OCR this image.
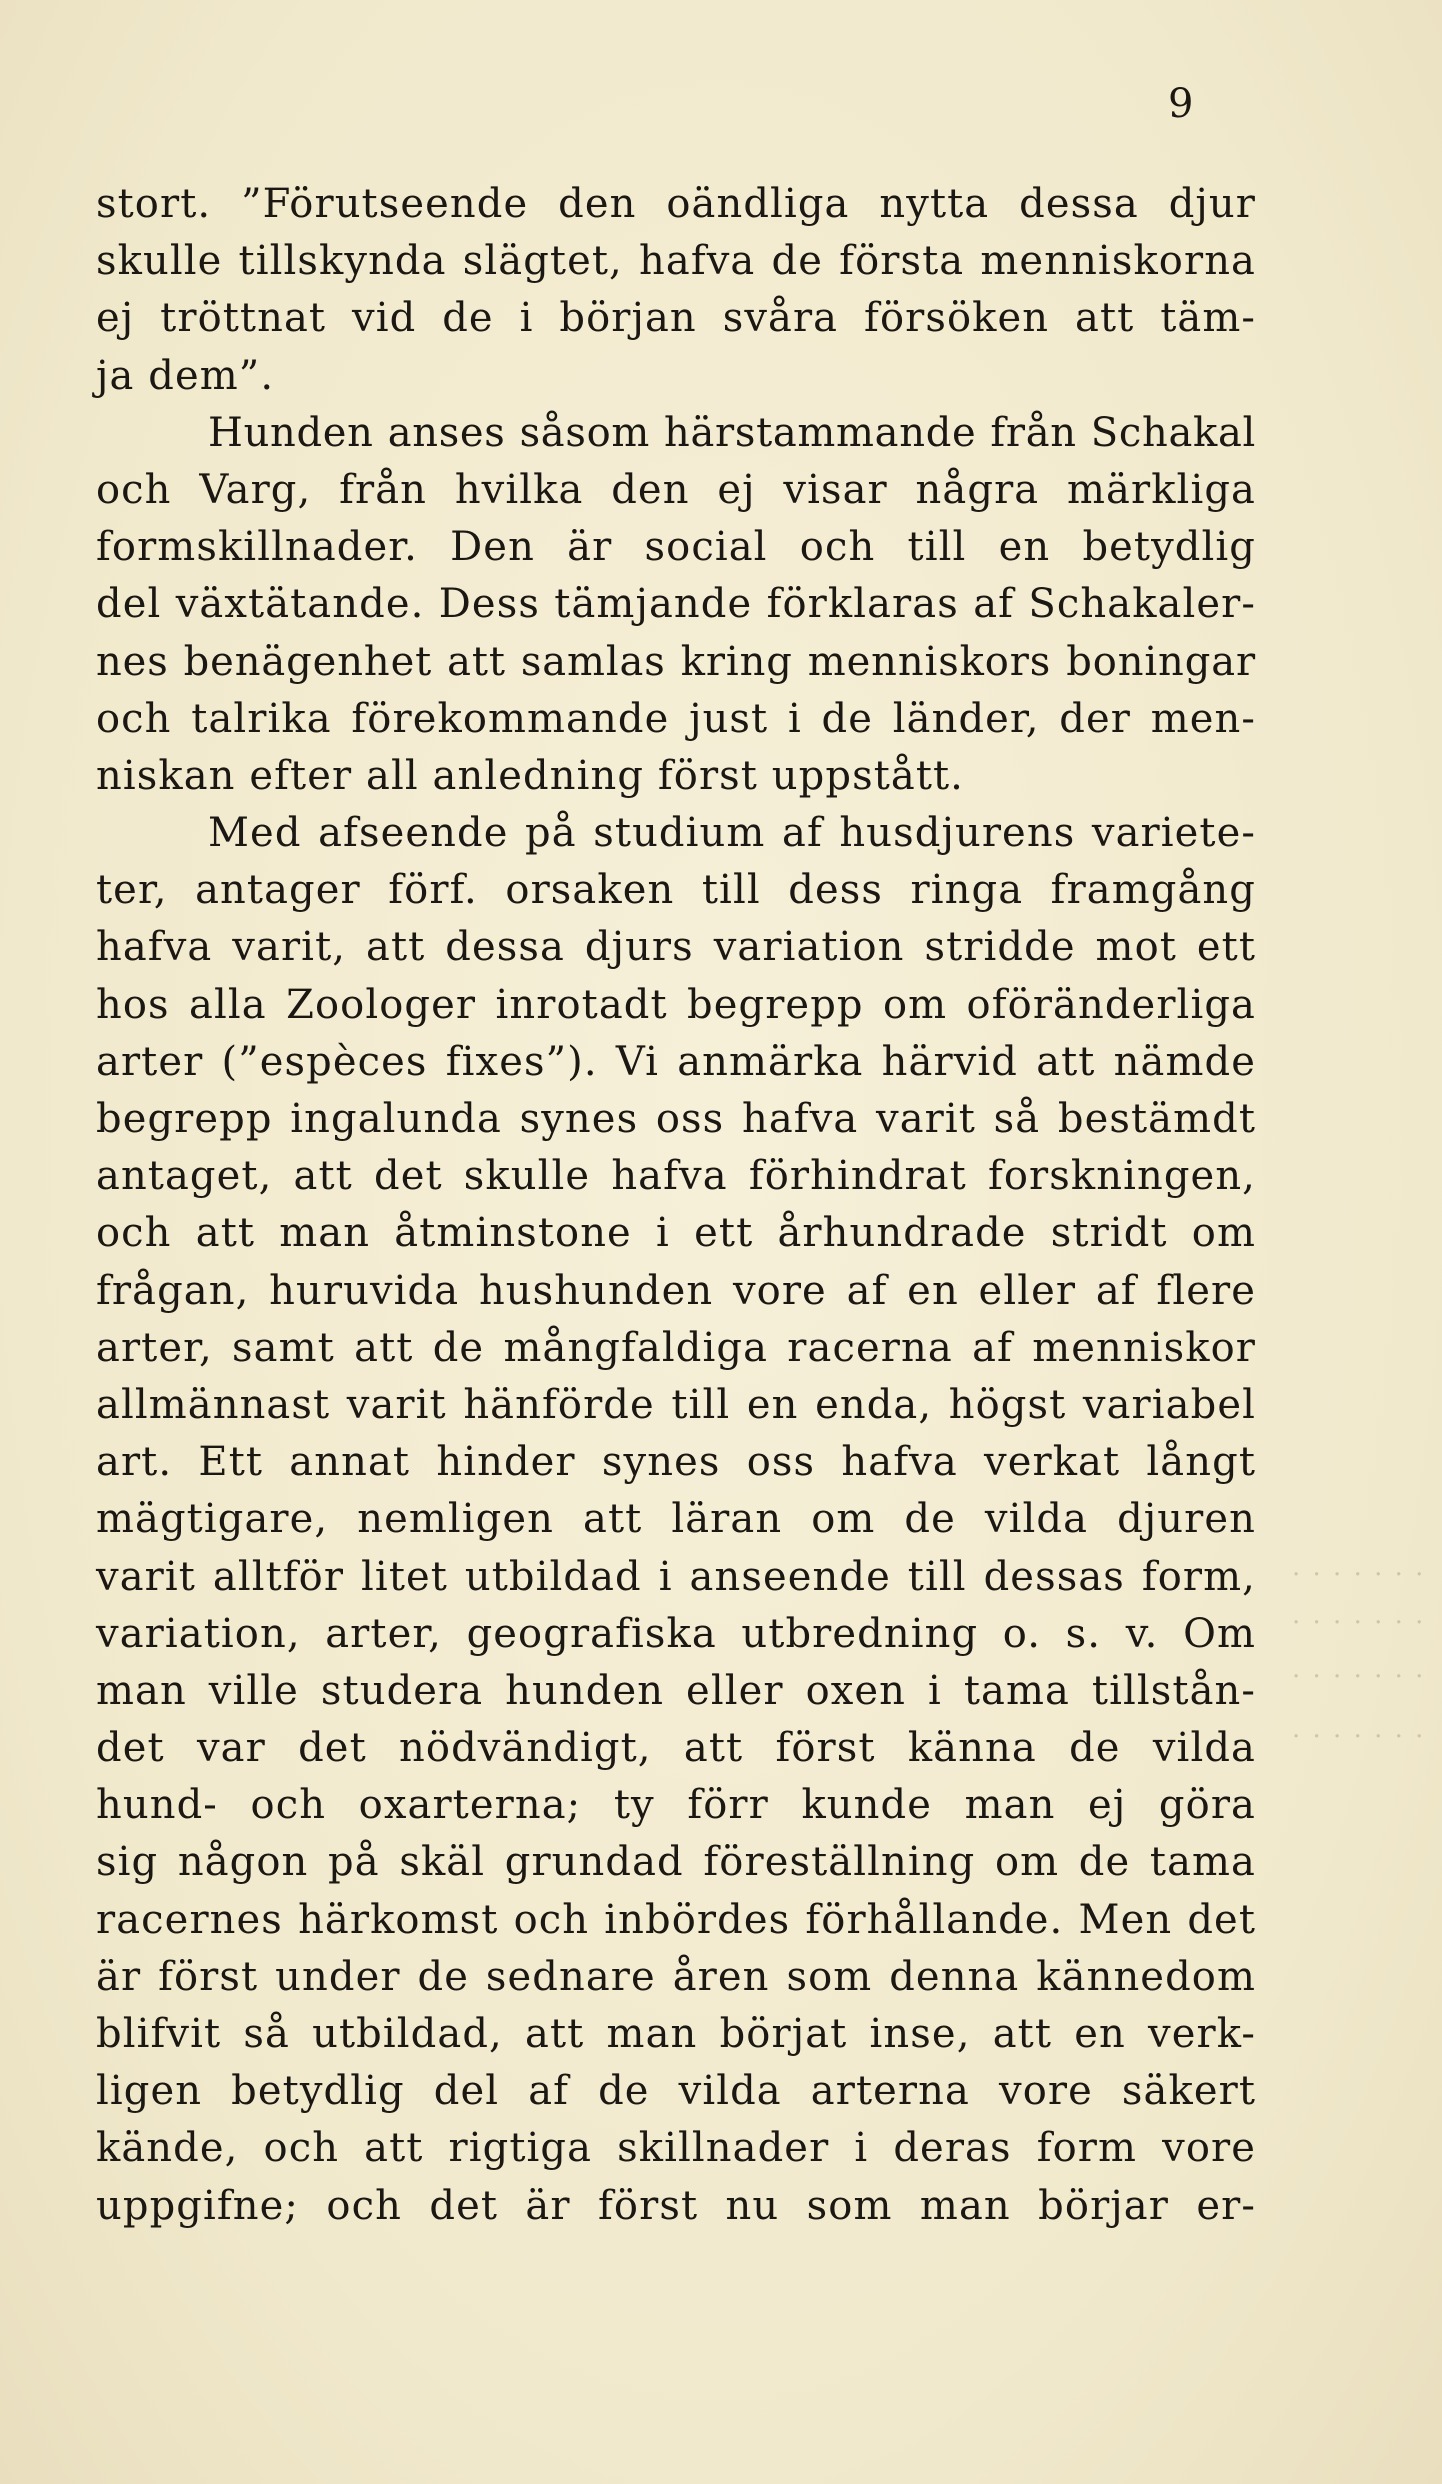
· · · · · · ·
· · · · · · ·
· · · · · · ·
· · · · · · ·
9
stort. ”Förutseende den oändliga nytta dessa djur
skulle tillskynda slägtet, hafva de första menniskorna
ej tröttnat vid de i början svåra försöken att täm-
ja dem”.
Hunden anses såsom härstammande från Schakal
och Varg, från hvilka den ej visar några märkliga
formskillnader. Den är social och till en betydlig
del växtätande. Dess tämjande förklaras af Schakaler-
nes benägenhet att samlas kring menniskors boningar
och talrika förekommande just i de länder, der men-
niskan efter all anledning först uppstått.
Med afseende på studium af husdjurens variete-
ter, antager förf. orsaken till dess ringa framgång
hafva varit, att dessa djurs variation stridde mot ett
hos alla Zoologer inrotadt begrepp om oföränderliga
arter (”espèces fixes”). Vi anmärka härvid att nämde
begrepp ingalunda synes oss hafva varit så bestämdt
antaget, att det skulle hafva förhindrat forskningen,
och att man åtminstone i ett århundrade stridt om
frågan, huruvida hushunden vore af en eller af flere
arter, samt att de mångfaldiga racerna af menniskor
allmännast varit hänförde till en enda, högst variabel
art. Ett annat hinder synes oss hafva verkat långt
mägtigare, nemligen att läran om de vilda djuren
varit alltför litet utbildad i anseende till dessas form,
variation, arter, geografiska utbredning o. s. v. Om
man ville studera hunden eller oxen i tama tillstån-
det var det nödvändigt, att först känna de vilda
hund- och oxarterna; ty förr kunde man ej göra
sig någon på skäl grundad föreställning om de tama
racernes härkomst och inbördes förhållande. Men det
är först under de sednare åren som denna kännedom
blifvit så utbildad, att man börjat inse, att en verk-
ligen betydlig del af de vilda arterna vore säkert
kände, och att rigtiga skillnader i deras form vore
uppgifne; och det är först nu som man börjar er-
